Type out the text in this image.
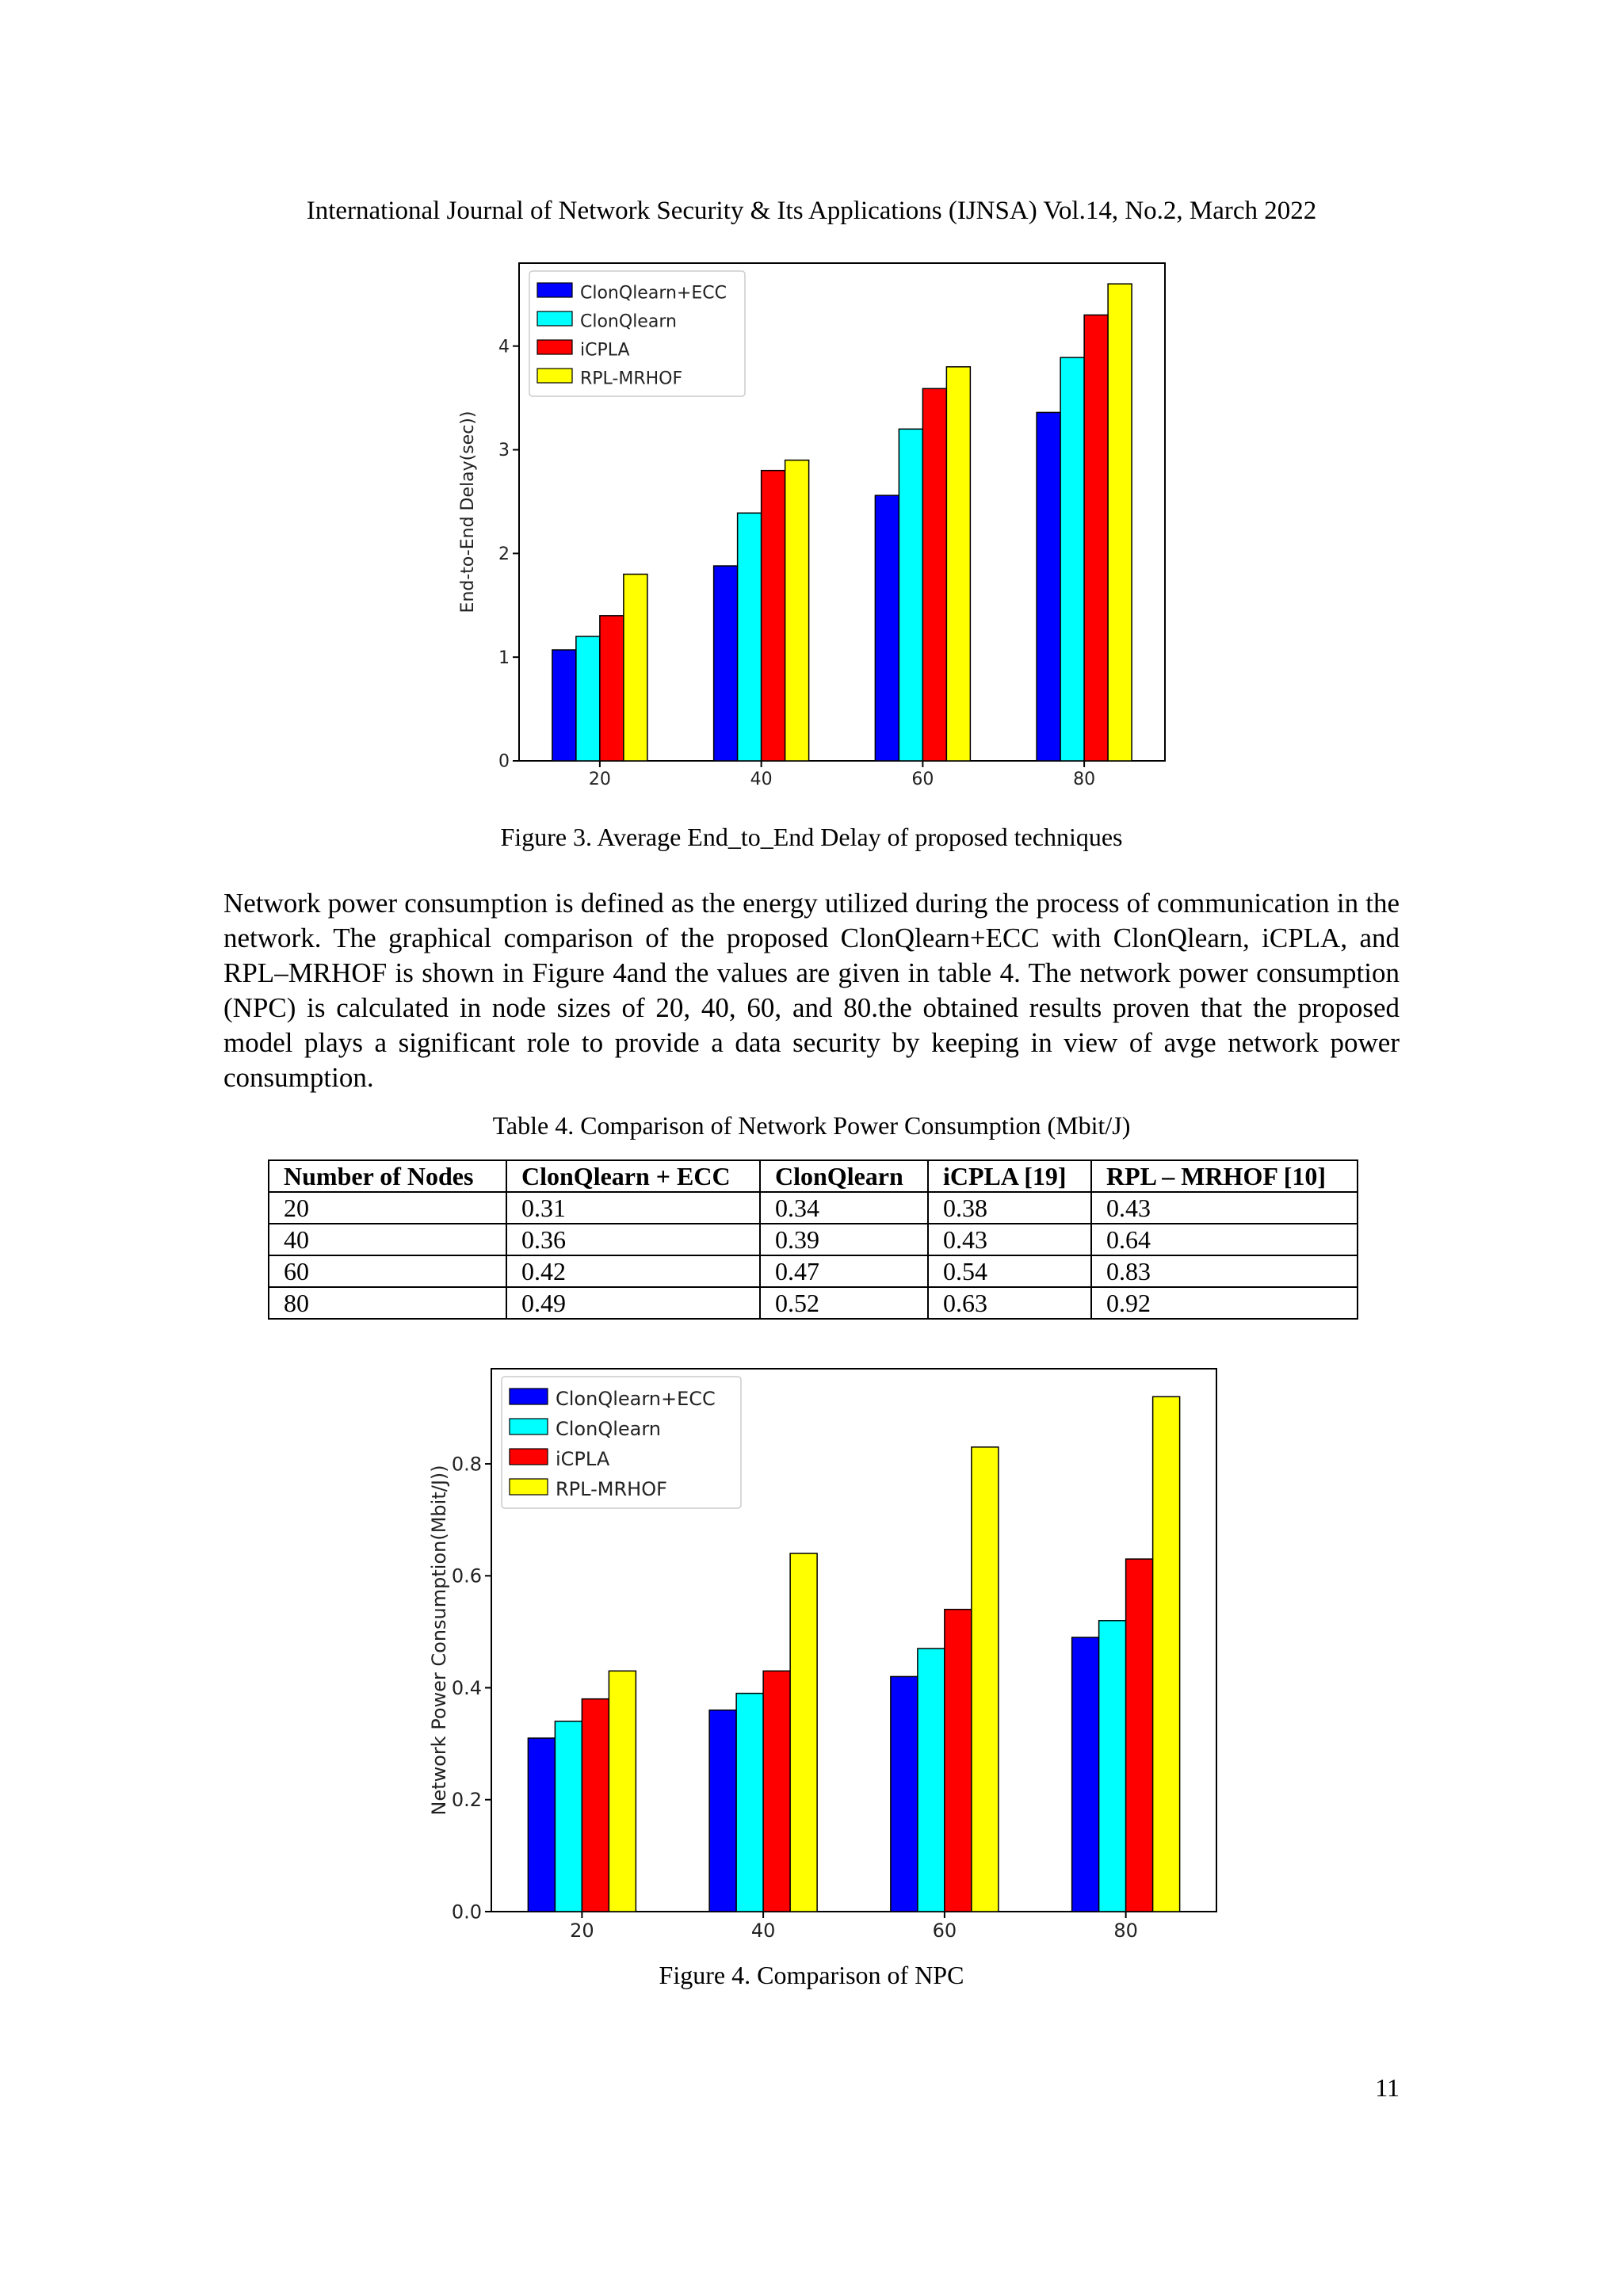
International Journal of Network Security & Its Applications (IJNSA) Vol.14, No.2, March 2022
0
1
2
3
4
End-to-End Delay(sec))
20	40	60	80
ClonQlearn+ECC
ClonQlearn
iCPLA
RPL-MRHOF
Figure 3. Average End_to_End Delay of proposed techniques

Network power consumption is defined as the energy utilized during the process of communication in the network. The graphical comparison of the proposed ClonQlearn+ECC with ClonQlearn, iCPLA, and RPL–MRHOF is shown in Figure 4and the values are given in table 4. The network power consumption (NPC) is calculated in node sizes of 20, 40, 60, and 80.the obtained results proven that the proposed model plays a significant role to provide a data security by keeping in view of avge network power consumption.

Table 4. Comparison of Network Power Consumption (Mbit/J)
Number of Nodes	ClonQlearn + ECC	ClonQlearn	iCPLA [19]	RPL – MRHOF [10]
20	0.31	0.34	0.38	0.43
40	0.36	0.39	0.43	0.64
60	0.42	0.47	0.54	0.83
80	0.49	0.52	0.63	0.92
0.0
0.2
0.4
0.6
0.8
Network Power Consumption(Mbit/J))
20	40	60	80
ClonQlearn+ECC
ClonQlearn
iCPLA
RPL-MRHOF
Figure 4. Comparison of NPC
11
